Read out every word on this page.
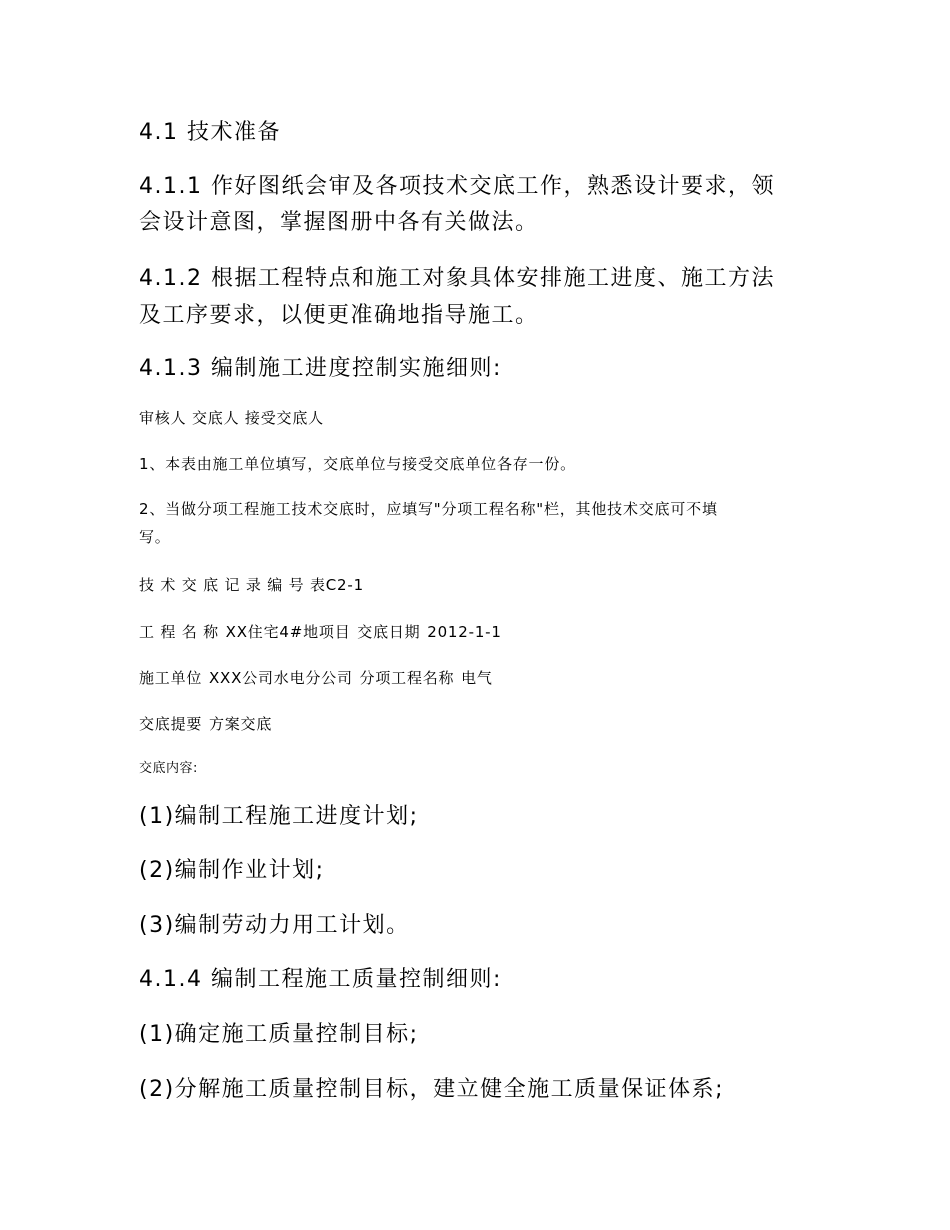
4.1 技术准备
4.1.1 作好图纸会审及各项技术交底工作，熟悉设计要求，领
会设计意图，掌握图册中各有关做法。
4.1.2 根据工程特点和施工对象具体安排施工进度、施工方法
及工序要求，以便更准确地指导施工。
4.1.3 编制施工进度控制实施细则:
审核人 交底人 接受交底人
1、本表由施工单位填写，交底单位与接受交底单位各存一份。
2、当做分项工程施工技术交底时，应填写"分项工程名称"栏，其他技术交底可不填
写。
技 术 交 底 记 录 编 号 表C2-1
工 程 名 称 XX住宅4#地项目 交底日期 2012-1-1
施工单位 XXX公司水电分公司 分项工程名称 电气
交底提要 方案交底
交底内容:
(1)编制工程施工进度计划;
(2)编制作业计划;
(3)编制劳动力用工计划。
4.1.4 编制工程施工质量控制细则:
(1)确定施工质量控制目标;
(2)分解施工质量控制目标，建立健全施工质量保证体系;
